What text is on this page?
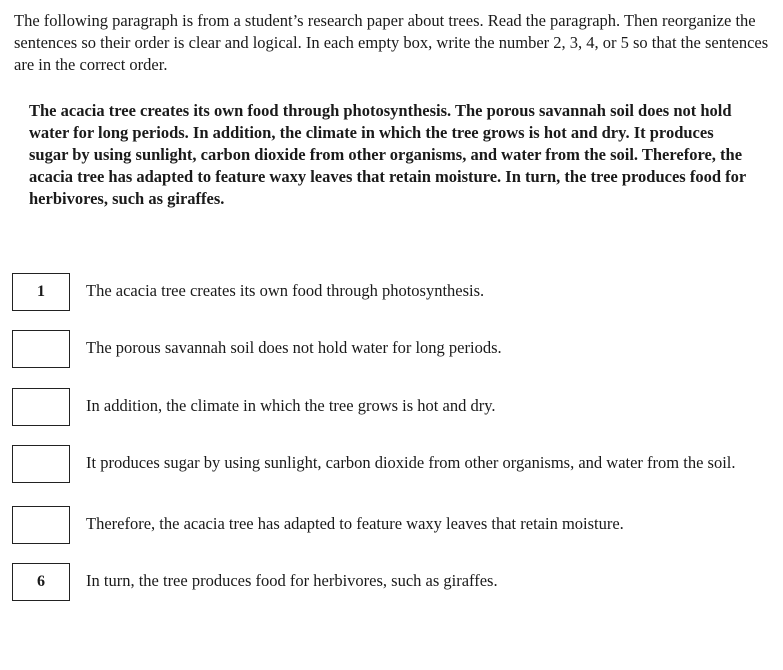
The following paragraph is from a student’s research paper about trees. Read the paragraph. Then reorganize the sentences so their order is clear and logical. In each empty box, write the number 2, 3, 4, or 5 so that the sentences are in the correct order.

The acacia tree creates its own food through photosynthesis. The porous savannah soil does not hold water for long periods. In addition, the climate in which the tree grows is hot and dry. It produces sugar by using sunlight, carbon dioxide from other organisms, and water from the soil. Therefore, the acacia tree has adapted to feature waxy leaves that retain moisture. In turn, the tree produces food for herbivores, such as giraffes.

1	The acacia tree creates its own food through photosynthesis.
The porous savannah soil does not hold water for long periods.
In addition, the climate in which the tree grows is hot and dry.
It produces sugar by using sunlight, carbon dioxide from other organisms, and water from the soil.
Therefore, the acacia tree has adapted to feature waxy leaves that retain moisture.
6	In turn, the tree produces food for herbivores, such as giraffes.
